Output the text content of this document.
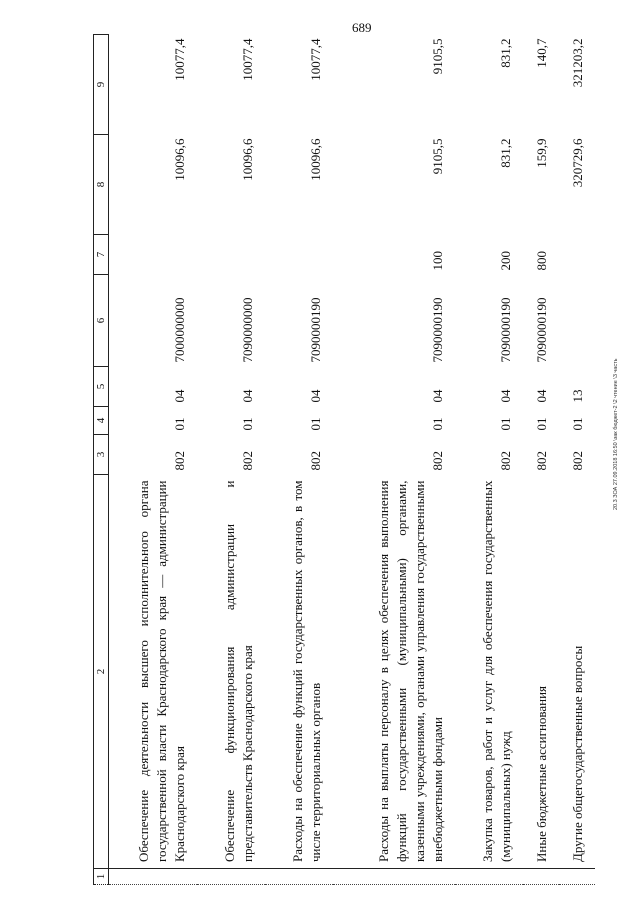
689
20.3 ЗОА 27.09.2018 16:50 \зак бюджет-2 \2 чтение \3 часть
1	2	3	4	5	6	7	8	9

	Обеспечение деятельности высшего исполнительного органа государственной власти Краснодарского края — администрации Краснодарского края	802	01	04	7000000000		10096,6	10077,4

	Обеспечение функционирования администрации и представительств Краснодарского края	802	01	04	7090000000		10096,6	10077,4

	Расходы на обеспечение функций государственных органов, в том числе территориальных органов	802	01	04	7090000190		10096,6	10077,4

	Расходы на выплаты персоналу в целях обеспечения выполнения функций государственными (муниципальными) органами, казенными учреждениями, органами управления государственными внебюджетными фондами	802	01	04	7090000190	100	9105,5	9105,5

	Закупка товаров, работ и услуг для обеспечения государственных (муниципальных) нужд	802	01	04	7090000190	200	831,2	831,2

	Иные бюджетные ассигнования	802	01	04	7090000190	800	159,9	140,7

	Другие общегосударственные вопросы	802	01	13			320729,6	321203,2
